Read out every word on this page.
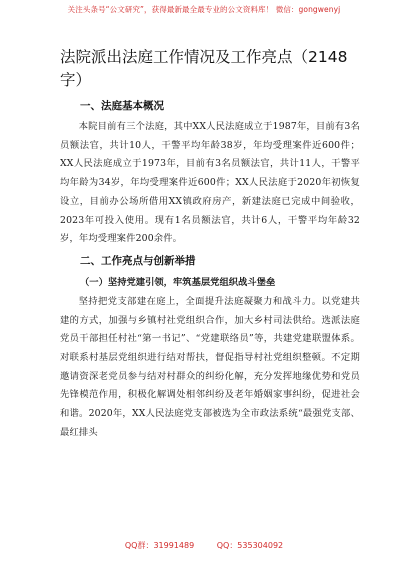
关注头条号“公文研究”，获得最新最全最专业的公文资料库！ 微信：gongwenyj
法院派出法庭工作情况及工作亮点（2148字）
一、法庭基本概况

本院目前有三个法庭，其中XX人民法庭成立于1987年，目前有3名员额法官，共计10人，干警平均年龄38岁，年均受理案件近600件；XX人民法庭成立于1973年，目前有3名员额法官，共计11人，干警平均年龄为34岁，年均受理案件近600件；XX人民法庭于2020年初恢复设立，目前办公场所借用XX镇政府房产，新建法庭已完成中间验收，2023年可投入使用。现有1名员额法官，共计6人，干警平均年龄32岁，年均受理案件200余件。

二、工作亮点与创新举措
（一）坚持党建引领，牢筑基层党组织战斗堡垒

坚持把党支部建在庭上，全面提升法庭凝聚力和战斗力。以党建共建的方式，加强与乡镇村社党组织合作，加大乡村司法供给。选派法庭党员干部担任村社“第一书记”、“党建联络员”等，共建党建联盟体系。对联系村基层党组织进行结对帮扶，督促指导村社党组织整顿。不定期邀请资深老党员参与结对村群众的纠纷化解，充分发挥地缘优势和党员先锋模范作用，积极化解调处相邻纠纷及老年婚姻家事纠纷，促进社会和谐。2020年，XX人民法庭党支部被选为全市政法系统“最强党支部、最红排头

QQ群：31991489	QQ：535304092
